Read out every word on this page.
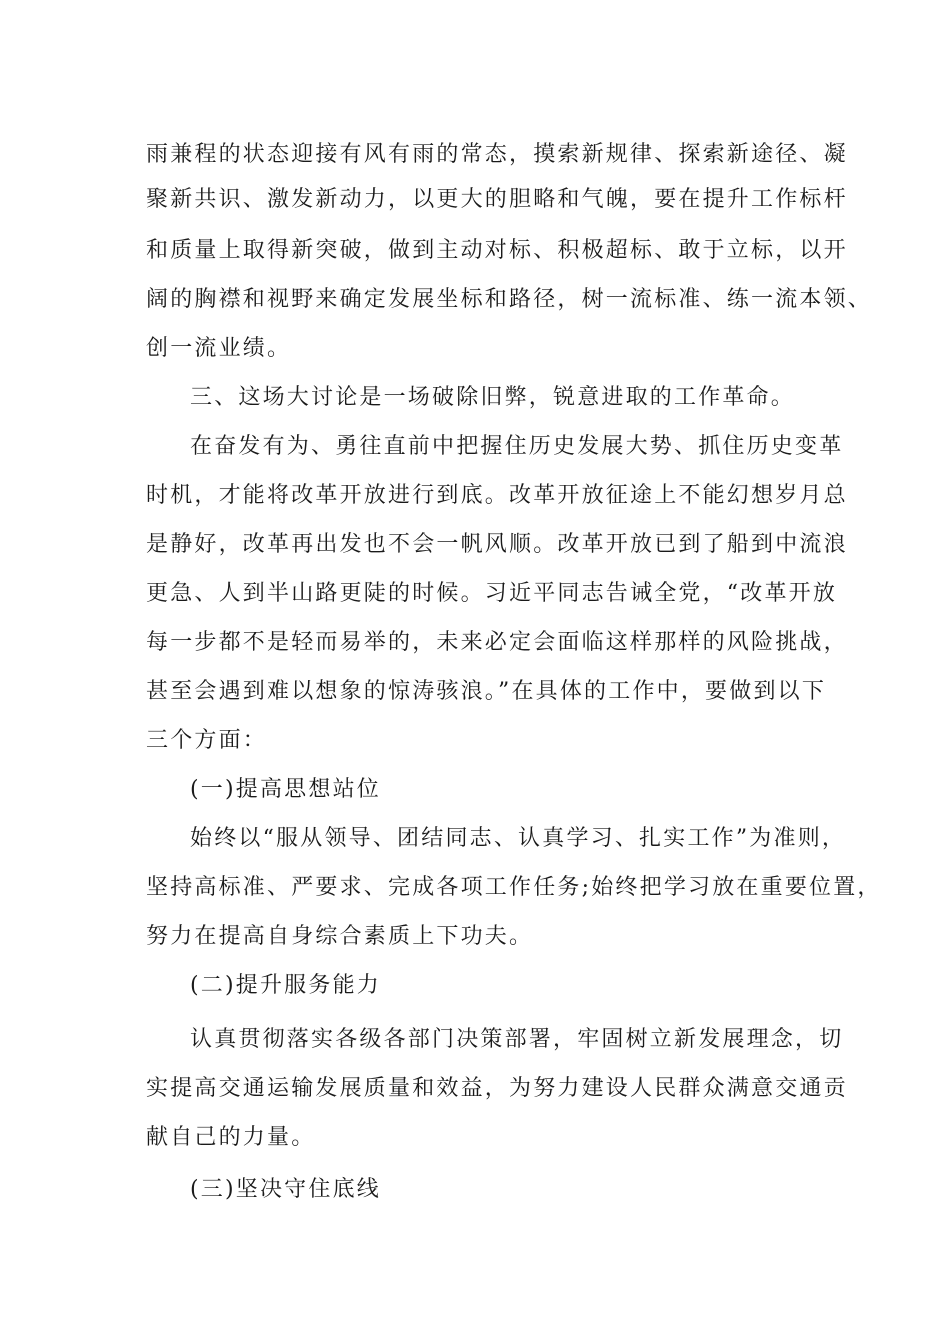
雨兼程的状态迎接有风有雨的常态，摸索新规律、探索新途径、凝
聚新共识、激发新动力，以更大的胆略和气魄，要在提升工作标杆
和质量上取得新突破，做到主动对标、积极超标、敢于立标，以开
阔的胸襟和视野来确定发展坐标和路径，树一流标准、练一流本领、
创一流业绩。
三、这场大讨论是一场破除旧弊，锐意进取的工作革命。
在奋发有为、勇往直前中把握住历史发展大势、抓住历史变革
时机，才能将改革开放进行到底。改革开放征途上不能幻想岁月总
是静好，改革再出发也不会一帆风顺。改革开放已到了船到中流浪
更急、人到半山路更陡的时候。习近平同志告诫全党，“改革开放
每一步都不是轻而易举的，未来必定会面临这样那样的风险挑战，
甚至会遇到难以想象的惊涛骇浪。”在具体的工作中，要做到以下
三个方面：
(一)提高思想站位
始终以“服从领导、团结同志、认真学习、扎实工作”为准则，
坚持高标准、严要求、完成各项工作任务;始终把学习放在重要位置，
努力在提高自身综合素质上下功夫。
(二)提升服务能力
认真贯彻落实各级各部门决策部署，牢固树立新发展理念，切
实提高交通运输发展质量和效益，为努力建设人民群众满意交通贡
献自己的力量。
(三)坚决守住底线
